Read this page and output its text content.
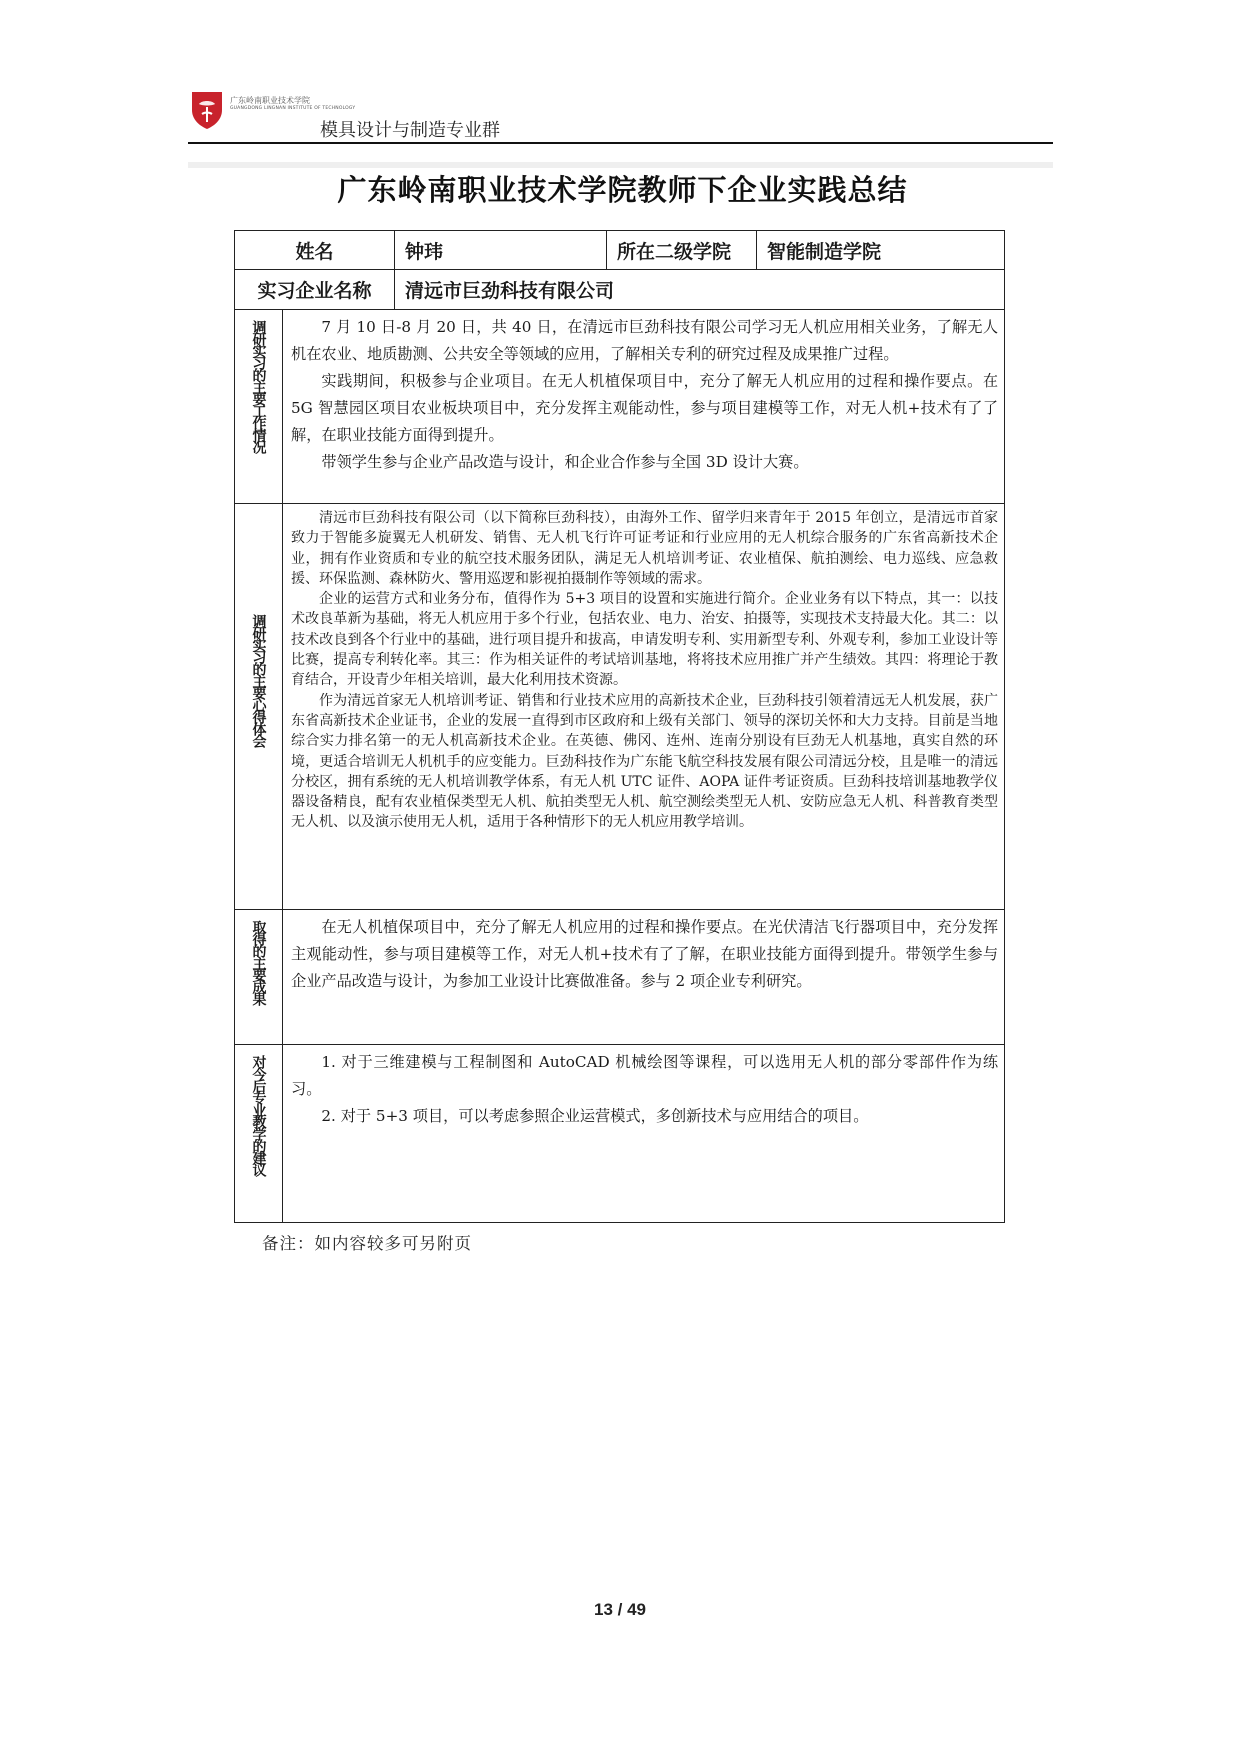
广东岭南职业技术学院
GUANGDONG LINGNAN INSTITUTE OF TECHNOLOGY
模具设计与制造专业群
广东岭南职业技术学院教师下企业实践总结
姓名		钟玮	所在二级学院	智能制造学院
实习企业名称		清远市巨劲科技有限公司		

调研实习的主要工作情况	7 月 10 日-8 月 20 日，共 40 日，在清远市巨劲科技有限公司学习无人机应用相关业务，了解无人机在农业、地质勘测、公共安全等领域的应用，了解相关专利的研究过程及成果推广过程。

实践期间，积极参与企业项目。在无人机植保项目中，充分了解无人机应用的过程和操作要点。在 5G 智慧园区项目农业板块项目中，充分发挥主观能动性，参与项目建模等工作，对无人机+技术有了了解，在职业技能方面得到提升。

带领学生参与企业产品改造与设计，和企业合作参与全国 3D 设计大赛。			

调研实习的主要心得体会	清远市巨劲科技有限公司（以下简称巨劲科技），由海外工作、留学归来青年于 2015 年创立，是清远市首家致力于智能多旋翼无人机研发、销售、无人机飞行许可证考证和行业应用的无人机综合服务的广东省高新技术企业，拥有作业资质和专业的航空技术服务团队，满足无人机培训考证、农业植保、航拍测绘、电力巡线、应急救援、环保监测、森林防火、警用巡逻和影视拍摄制作等领域的需求。

企业的运营方式和业务分布，值得作为 5+3 项目的设置和实施进行简介。企业业务有以下特点，其一：以技术改良革新为基础，将无人机应用于多个行业，包括农业、电力、治安、拍摄等，实现技术支持最大化。其二：以技术改良到各个行业中的基础，进行项目提升和拔高，申请发明专利、实用新型专利、外观专利，参加工业设计等比赛，提高专利转化率。其三：作为相关证件的考试培训基地，将将技术应用推广并产生绩效。其四：将理论于教育结合，开设青少年相关培训，最大化利用技术资源。

作为清远首家无人机培训考证、销售和行业技术应用的高新技术企业，巨劲科技引领着清远无人机发展，获广东省高新技术企业证书，企业的发展一直得到市区政府和上级有关部门、领导的深切关怀和大力支持。目前是当地综合实力排名第一的无人机高新技术企业。在英德、佛冈、连州、连南分别设有巨劲无人机基地，真实自然的环境，更适合培训无人机机手的应变能力。巨劲科技作为广东能飞航空科技发展有限公司清远分校，且是唯一的清远分校区，拥有系统的无人机培训教学体系，有无人机 UTC 证件、AOPA 证件考证资质。巨劲科技培训基地教学仪器设备精良，配有农业植保类型无人机、航拍类型无人机、航空测绘类型无人机、安防应急无人机、科普教育类型无人机、以及演示使用无人机，适用于各种情形下的无人机应用教学培训。			

取得的主要成果	在无人机植保项目中，充分了解无人机应用的过程和操作要点。在光伏清洁飞行器项目中，充分发挥主观能动性，参与项目建模等工作，对无人机+技术有了了解，在职业技能方面得到提升。带领学生参与企业产品改造与设计，为参加工业设计比赛做准备。参与 2 项企业专利研究。			

对今后专业教学的建议	1. 对于三维建模与工程制图和 AutoCAD 机械绘图等课程，可以选用无人机的部分零部件作为练习。

2. 对于 5+3 项目，可以考虑参照企业运营模式，多创新技术与应用结合的项目。			

备注：如内容较多可另附页
13 / 49
